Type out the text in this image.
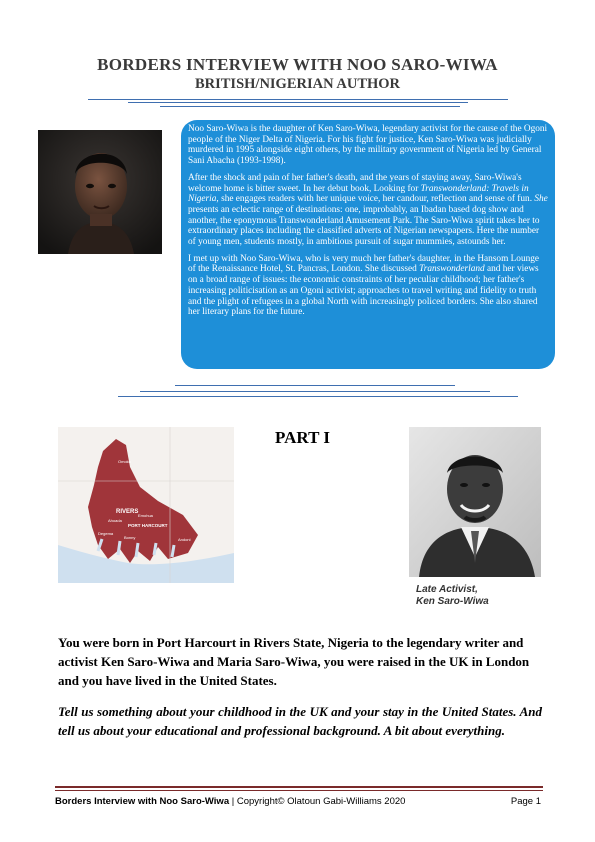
BORDERS INTERVIEW WITH NOO SARO-WIWA
BRITISH/NIGERIAN AUTHOR

Noo Saro-Wiwa is the daughter of Ken Saro-Wiwa, legendary activist for the cause of the Ogoni people of the Niger Delta of Nigeria. For his fight for justice, Ken Saro-Wiwa was judicially murdered in 1995 alongside eight others, by the military government of Nigeria led by General Sani Abacha (1993-1998).

After the shock and pain of her father's death, and the years of staying away, Saro-Wiwa's welcome home is bitter sweet. In her debut book, Looking for Transwonderland: Travels in Nigeria, she engages readers with her unique voice, her candour, reflection and sense of fun. She presents an eclectic range of destinations: one, improbably, an Ibadan based dog show and another, the eponymous Transwonderland Amusement Park. The Saro-Wiwa spirit takes her to extraordinary places including the classified adverts of Nigerian newspapers. Here the number of young men, students mostly, in ambitious pursuit of sugar mummies, astounds her.

I met up with Noo Saro-Wiwa, who is very much her father's daughter, in the Hansom Lounge of the Renaissance Hotel, St. Pancras, London. She discussed Transwonderland and her views on a broad range of issues: the economic constraints of her peculiar childhood; her father's increasing politicisation as an Ogoni activist; approaches to travel writing and fidelity to truth and the plight of refugees in a global North with increasingly policed borders. She also shared her literary plans for the future.

RIVERS
PORT HARCOURT
Omoku
Ahoada
Emohua
Degema
Bonny	Andoni
PART I
Late Activist,
Ken Saro-Wiwa
You were born in Port Harcourt in Rivers State, Nigeria to the legendary writer and activist Ken Saro-Wiwa and Maria Saro-Wiwa, you were raised in the UK in London and you have lived in the United States.
Tell us something about your childhood in the UK and your stay in the United States. And tell us about your educational and professional background. A bit about everything.
Borders Interview with Noo Saro-Wiwa | Copyright© Olatoun Gabi-Williams 2020	Page 1
